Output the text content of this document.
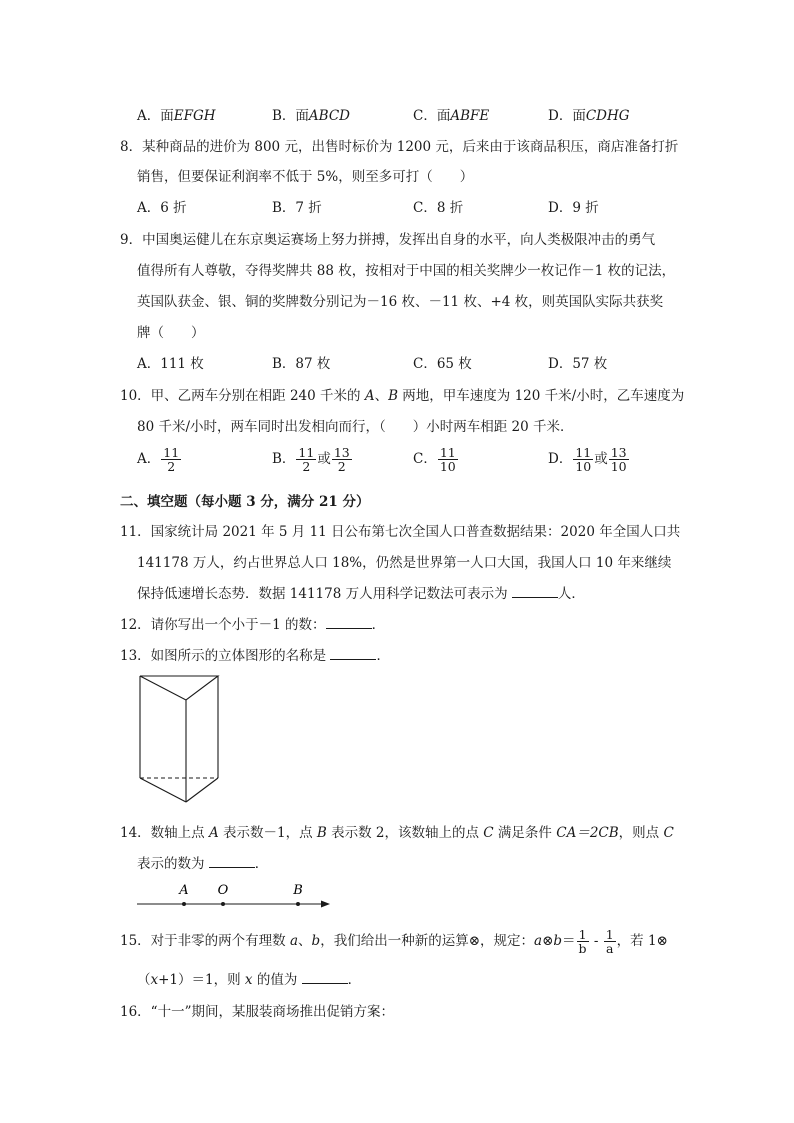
A．面EFGH	B．面ABCD	C．面ABFE	D．面CDHG
8．某种商品的进价为 800 元，出售时标价为 1200 元，后来由于该商品积压，商店准备打折
销售，但要保证利润率不低于 5%，则至多可打（　　）
A．6 折	B．7 折	C．8 折	D．9 折
9．中国奥运健儿在东京奥运赛场上努力拼搏，发挥出自身的水平，向人类极限冲击的勇气
值得所有人尊敬，夺得奖牌共 88 枚，按相对于中国的相关奖牌少一枚记作－1 枚的记法，
英国队获金、银、铜的奖牌数分别记为－16 枚、－11 枚、+4 枚，则英国队实际共获奖
牌（　　）
A．111 枚	B．87 枚	C．65 枚	D．57 枚
10．甲、乙两车分别在相距 240 千米的 A、B 两地，甲车速度为 120 千米/小时，乙车速度为
80 千米/小时，两车同时出发相向而行，（　　）小时两车相距 20 千米．
A． $\frac{11}{2}$	B． $\frac{11}{2}$ 或 $\frac{13}{2}$	C． $\frac{11}{10}$	D． $\frac{11}{10}$ 或 $\frac{13}{10}$
二、填空题（每小题 3 分，满分 21 分）
11．国家统计局 2021 年 5 月 11 日公布第七次全国人口普查数据结果：2020 年全国人口共
141178 万人，约占世界总人口 18%，仍然是世界第一人口大国，我国人口 10 年来继续
保持低速增长态势．数据 141178 万人用科学记数法可表示为	人．
12．请你写出一个小于－1 的数：	．
13．如图所示的立体图形的名称是	．
14．数轴上点 A 表示数－1，点 B 表示数 2，该数轴上的点 C 满足条件 CA＝2CB，则点 C
表示的数为	．
A O	B
15．对于非零的两个有理数 a、b，我们给出一种新的运算⊗，规定：a⊗b＝ $\frac{1}{b} - \frac{1}{a}$ ，若 1⊗
（x+1）＝1，则 x 的值为	．
16．“十一”期间，某服装商场推出促销方案：
